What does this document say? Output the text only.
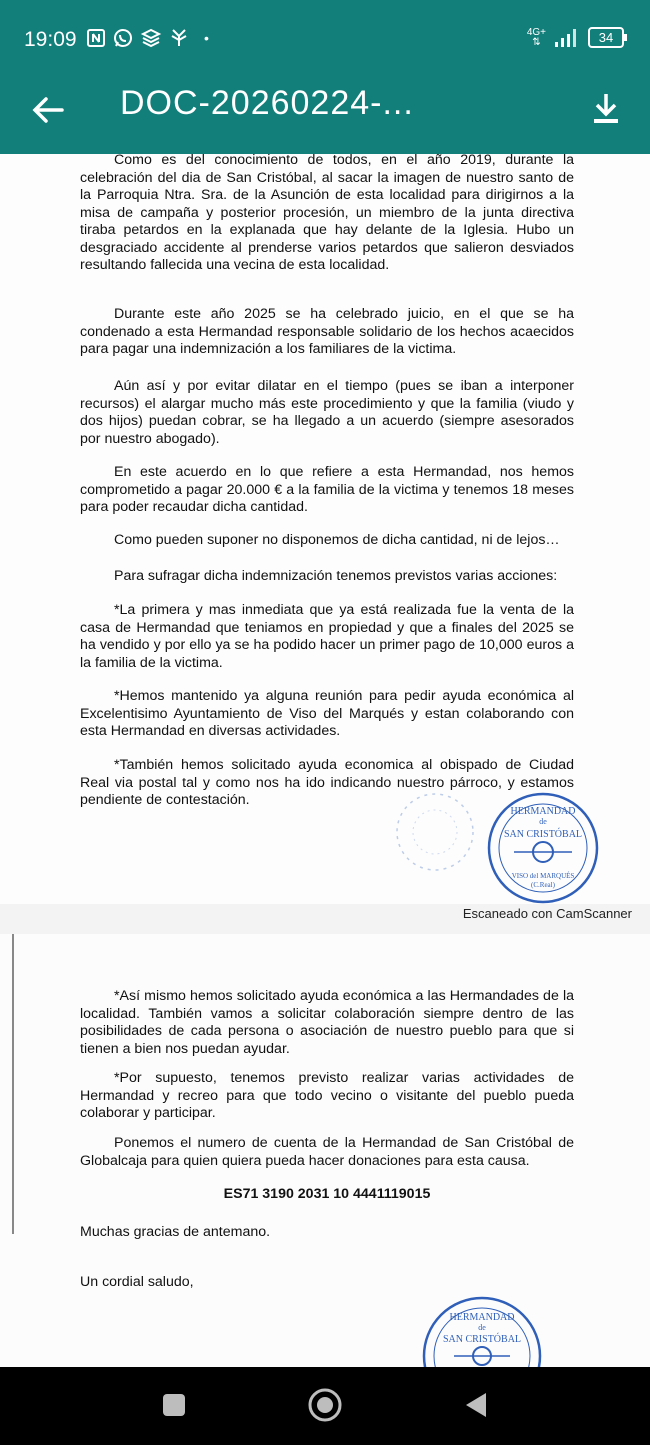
19:09	•	4G+
⇅	34
DOC-20260224-...

Como es del conocimiento de todos, en el año 2019, durante la celebración del dia de San Cristóbal, al sacar la imagen de nuestro santo de la Parroquia Ntra. Sra. de la Asunción de esta localidad para dirigirnos a la misa de campaña y posterior procesión, un miembro de la junta directiva tiraba petardos en la explanada que hay delante de la Iglesia. Hubo un desgraciado accidente al prenderse varios petardos que salieron desviados resultando fallecida una vecina de esta localidad.

Durante este año 2025 se ha celebrado juicio, en el que se ha condenado a esta Hermandad responsable solidario de los hechos acaecidos para pagar una indemnización a los familiares de la victima.

Aún así y por evitar dilatar en el tiempo (pues se iban a interponer recursos) el alargar mucho más este procedimiento y que la familia (viudo y dos hijos) puedan cobrar, se ha llegado a un acuerdo (siempre asesorados por nuestro abogado).

En este acuerdo en lo que refiere a esta Hermandad, nos hemos comprometido a pagar 20.000 € a la familia de la victima y tenemos 18 meses para poder recaudar dicha cantidad.

Como pueden suponer no disponemos de dicha cantidad, ni de lejos…

Para sufragar dicha indemnización tenemos previstos varias acciones:

*La primera y mas inmediata que ya está realizada fue la venta de la casa de Hermandad que teniamos en propiedad y que a finales del 2025 se ha vendido y por ello ya se ha podido hacer un primer pago de 10,000 euros a la familia de la victima.

*Hemos mantenido ya alguna reunión para pedir ayuda económica al Excelentisimo Ayuntamiento de Viso del Marqués y estan colaborando con esta Hermandad en diversas actividades.

*También hemos solicitado ayuda economica al obispado de Ciudad Real via postal tal y como nos ha ido indicando nuestro párroco, y estamos pendiente de contestación.

HERMANDAD
de
SAN CRISTÓBAL
VISO del MARQUÉS
(C.Real)
Escaneado con CamScanner

*Así mismo hemos solicitado ayuda económica a las Hermandades de la localidad. También vamos a solicitar colaboración siempre dentro de las posibilidades de cada persona o asociación de nuestro pueblo para que si tienen a bien nos puedan ayudar.

*Por supuesto, tenemos previsto realizar varias actividades de Hermandad y recreo para que todo vecino o visitante del pueblo pueda colaborar y participar.

Ponemos el numero de cuenta de la Hermandad de San Cristóbal de Globalcaja para quien quiera pueda hacer donaciones para esta causa.

ES71 3190 2031 10 4441119015

Muchas gracias de antemano.

Un cordial saludo,

HERMANDAD
de
SAN CRISTÓBAL
